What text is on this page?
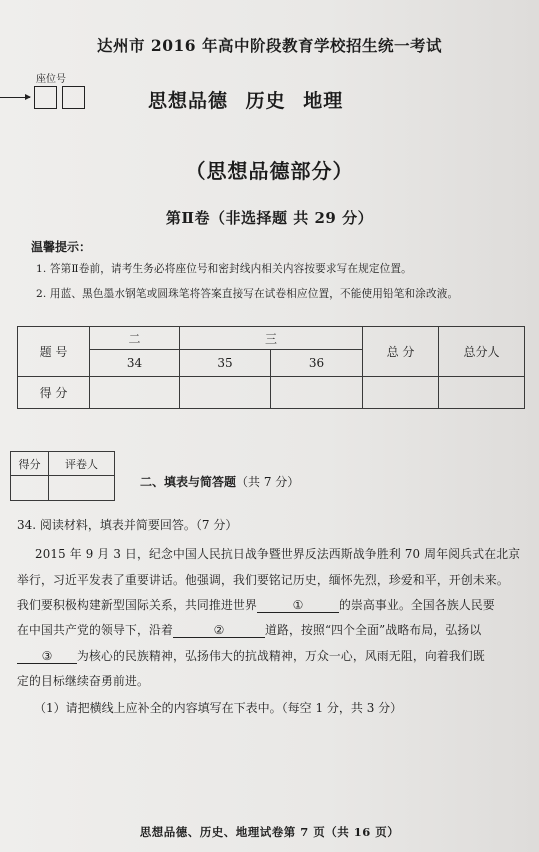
达州市 2016 年高中阶段教育学校招生统一考试
座位号
思想品德 历史 地理
（思想品德部分）
第Ⅱ卷（非选择题 共 29 分）
温馨提示：
1. 答第Ⅱ卷前，请考生务必将座位号和密封线内相关内容按要求写在规定位置。
2. 用蓝、黑色墨水钢笔或圆珠笔将答案直接写在试卷相应位置，不能使用铅笔和涂改液。
题 号	二	三		总 分	总分人
	34	35	36		
得 分					
得分	评卷人

二、填表与简答题（共 7 分）
34. 阅读材料，填表并简要回答。（7 分）
2015 年 9 月 3 日，纪念中国人民抗日战争暨世界反法西斯战争胜利 70 周年阅兵式在北京
举行，习近平发表了重要讲话。他强调，我们要铭记历史，缅怀先烈，珍爱和平，开创未来。
我们要积极构建新型国际关系，共同推进世界	①	的崇高事业。全国各族人民要
在中国共产党的领导下，沿着	②	道路，按照“四个全面”战略布局，弘扬以
③ 为核心的民族精神，弘扬伟大的抗战精神，万众一心，风雨无阻，向着我们既
定的目标继续奋勇前进。
（1）请把横线上应补全的内容填写在下表中。（每空 1 分，共 3 分）
思想品德、历史、地理试卷第 7 页（共 16 页）
